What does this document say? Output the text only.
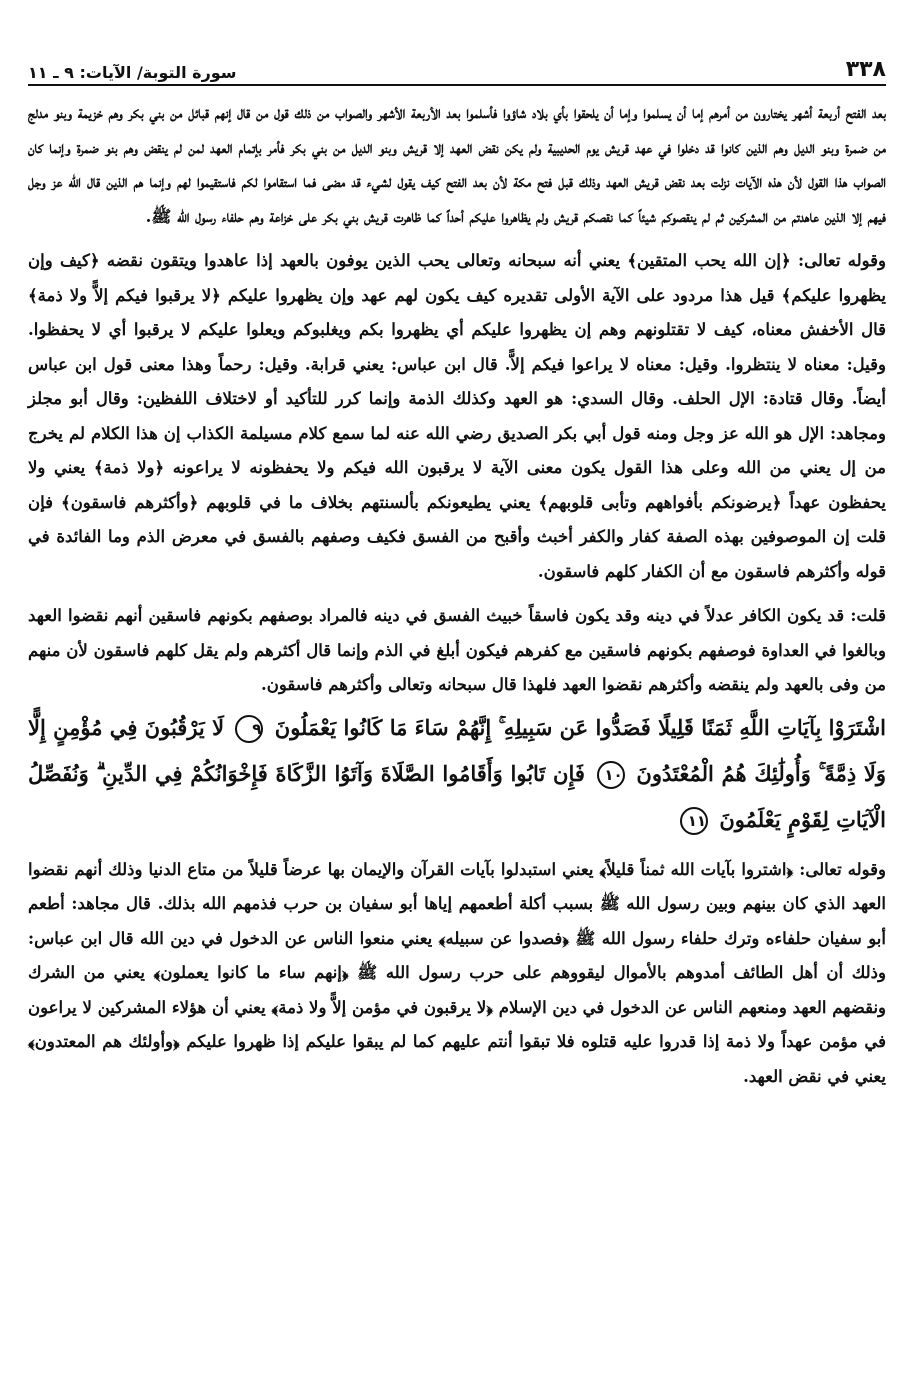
٣٣٨
سورة التوبة/ الآيات: ٩ ـ ١١

بعد الفتح أربعة أشهر يختارون من أمرهم إما أن يسلموا وإما أن يلحقوا بأي بلاد شاؤوا فأسلموا بعد الأربعة الأشهر والصواب من ذلك قول من قال إنهم قبائل من بني بكر وهم خزيمة وبنو مدلج من ضمرة وبنو الديل وهم الذين كانوا قد دخلوا في عهد قريش يوم الحديبية ولم يكن نقض العهد إلا قريش وبنو الديل من بني بكر فأمر بإتمام العهد لمن لم ينقض وهم بنو ضمرة وإنما كان الصواب هذا القول لأن هذه الآيات نزلت بعد نقض قريش العهد وذلك قبل فتح مكة لأن بعد الفتح كيف يقول لشيء قد مضى فما استقاموا لكم فاستقيموا لهم وإنما هم الذين قال الله عز وجل فيهم إلا الذين عاهدتم من المشركين ثم لم ينقصوكم شيئاً كما نقصكم قريش ولم يظاهروا عليكم أحداً كما ظاهرت قريش بني بكر على خزاعة وهم حلفاء رسول الله ﷺ.

وقوله تعالى: ﴿إن الله يحب المتقين﴾ يعني أنه سبحانه وتعالى يحب الذين يوفون بالعهد إذا عاهدوا ويتقون نقضه ﴿كيف وإن يظهروا عليكم﴾ قيل هذا مردود على الآية الأولى تقديره كيف يكون لهم عهد وإن يظهروا عليكم ﴿لا يرقبوا فيكم إلاًّ ولا ذمة﴾ قال الأخفش معناه، كيف لا تقتلونهم وهم إن يظهروا عليكم أي يظهروا بكم ويغلبوكم ويعلوا عليكم لا يرقبوا أي لا يحفظوا. وقيل: معناه لا ينتظروا. وقيل: معناه لا يراعوا فيكم إلاًّ. قال ابن عباس: يعني قرابة. وقيل: رحماً وهذا معنى قول ابن عباس أيضاً. وقال قتادة: الإل الحلف. وقال السدي: هو العهد وكذلك الذمة وإنما كرر للتأكيد أو لاختلاف اللفظين: وقال أبو مجلز ومجاهد: الإل هو الله عز وجل ومنه قول أبي بكر الصديق رضي الله عنه لما سمع كلام مسيلمة الكذاب إن هذا الكلام لم يخرج من إل يعني من الله وعلى هذا القول يكون معنى الآية لا يرقبون الله فيكم ولا يحفظونه لا يراعونه ﴿ولا ذمة﴾ يعني ولا يحفظون عهداً ﴿يرضونكم بأفواههم وتأبى قلوبهم﴾ يعني يطيعونكم بألسنتهم بخلاف ما في قلوبهم ﴿وأكثرهم فاسقون﴾ فإن قلت إن الموصوفين بهذه الصفة كفار والكفر أخبث وأقبح من الفسق فكيف وصفهم بالفسق في معرض الذم وما الفائدة في قوله وأكثرهم فاسقون مع أن الكفار كلهم فاسقون.

قلت: قد يكون الكافر عدلاً في دينه وقد يكون فاسقاً خبيث الفسق في دينه فالمراد بوصفهم بكونهم فاسقين أنهم نقضوا العهد وبالغوا في العداوة فوصفهم بكونهم فاسقين مع كفرهم فيكون أبلغ في الذم وإنما قال أكثرهم ولم يقل كلهم فاسقون لأن منهم من وفى بالعهد ولم ينقضه وأكثرهم نقضوا العهد فلهذا قال سبحانه وتعالى وأكثرهم فاسقون.

اشْتَرَوْا بِآيَاتِ اللَّهِ ثَمَنًا قَلِيلًا فَصَدُّوا عَن سَبِيلِهِ ۚ إِنَّهُمْ سَاءَ مَا كَانُوا يَعْمَلُونَ ٩ لَا يَرْقُبُونَ فِي مُؤْمِنٍ إِلًّا وَلَا ذِمَّةً ۚ وَأُولَٰئِكَ هُمُ الْمُعْتَدُونَ ١٠ فَإِن تَابُوا وَأَقَامُوا الصَّلَاةَ وَآتَوُا الزَّكَاةَ فَإِخْوَانُكُمْ فِي الدِّينِ ۗ وَنُفَصِّلُ الْآيَاتِ لِقَوْمٍ يَعْلَمُونَ ١١

وقوله تعالى: ﴿اشتروا بآيات الله ثمناً قليلاً﴾ يعني استبدلوا بآيات القرآن والإيمان بها عرضاً قليلاً من متاع الدنيا وذلك أنهم نقضوا العهد الذي كان بينهم وبين رسول الله ﷺ بسبب أكلة أطعمهم إياها أبو سفيان بن حرب فذمهم الله بذلك. قال مجاهد: أطعم أبو سفيان حلفاءه وترك حلفاء رسول الله ﷺ ﴿فصدوا عن سبيله﴾ يعني منعوا الناس عن الدخول في دين الله قال ابن عباس: وذلك أن أهل الطائف أمدوهم بالأموال ليقووهم على حرب رسول الله ﷺ ﴿إنهم ساء ما كانوا يعملون﴾ يعني من الشرك ونقضهم العهد ومنعهم الناس عن الدخول في دين الإسلام ﴿لا يرقبون في مؤمن إلاًّ ولا ذمة﴾ يعني أن هؤلاء المشركين لا يراعون في مؤمن عهداً ولا ذمة إذا قدروا عليه قتلوه فلا تبقوا أنتم عليهم كما لم يبقوا عليكم إذا ظهروا عليكم ﴿وأولئك هم المعتدون﴾ يعني في نقض العهد.
